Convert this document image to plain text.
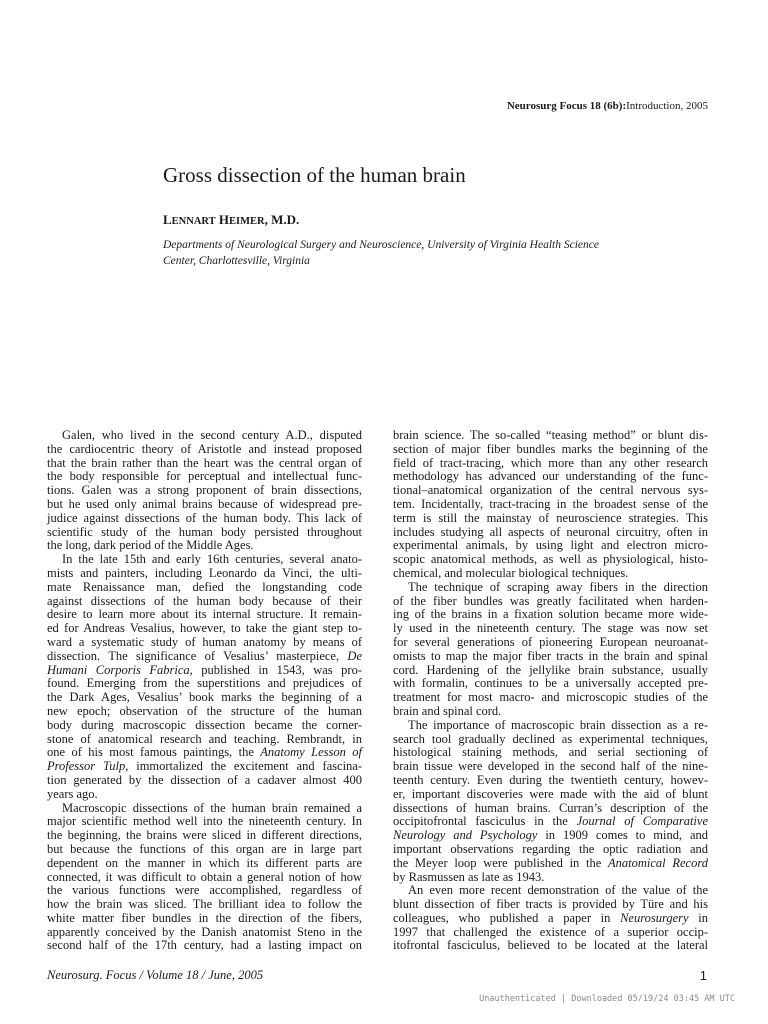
Neurosurg Focus 18 (6b):Introduction, 2005
Gross dissection of the human brain
LENNART HEIMER, M.D.
Departments of Neurological Surgery and Neuroscience, University of Virginia Health Science
Center, Charlottesville, Virginia
Galen, who lived in the second century A.D., disputed
the cardiocentric theory of Aristotle and instead proposed
that the brain rather than the heart was the central organ of
the body responsible for perceptual and intellectual func-
tions. Galen was a strong proponent of brain dissections,
but he used only animal brains because of widespread pre-
judice against dissections of the human body. This lack of
scientific study of the human body persisted throughout
the long, dark period of the Middle Ages.
In the late 15th and early 16th centuries, several anato-
mists and painters, including Leonardo da Vinci, the ulti-
mate Renaissance man, defied the longstanding code
against dissections of the human body because of their
desire to learn more about its internal structure. It remain-
ed for Andreas Vesalius, however, to take the giant step to-
ward a systematic study of human anatomy by means of
dissection. The significance of Vesalius’ masterpiece, De
Humani Corporis Fabrica, published in 1543, was pro-
found. Emerging from the superstitions and prejudices of
the Dark Ages, Vesalius’ book marks the beginning of a
new epoch; observation of the structure of the human
body during macroscopic dissection became the corner-
stone of anatomical research and teaching. Rembrandt, in
one of his most famous paintings, the Anatomy Lesson of
Professor Tulp, immortalized the excitement and fascina-
tion generated by the dissection of a cadaver almost 400
years ago.
Macroscopic dissections of the human brain remained a
major scientific method well into the nineteenth century. In
the beginning, the brains were sliced in different directions,
but because the functions of this organ are in large part
dependent on the manner in which its different parts are
connected, it was difficult to obtain a general notion of how
the various functions were accomplished, regardless of
how the brain was sliced. The brilliant idea to follow the
white matter fiber bundles in the direction of the fibers,
apparently conceived by the Danish anatomist Steno in the
second half of the 17th century, had a lasting impact on
brain science. The so-called “teasing method” or blunt dis-
section of major fiber bundles marks the beginning of the
field of tract-tracing, which more than any other research
methodology has advanced our understanding of the func-
tional–anatomical organization of the central nervous sys-
tem. Incidentally, tract-tracing in the broadest sense of the
term is still the mainstay of neuroscience strategies. This
includes studying all aspects of neuronal circuitry, often in
experimental animals, by using light and electron micro-
scopic anatomical methods, as well as physiological, histo-
chemical, and molecular biological techniques.
The technique of scraping away fibers in the direction
of the fiber bundles was greatly facilitated when harden-
ing of the brains in a fixation solution became more wide-
ly used in the nineteenth century. The stage was now set
for several generations of pioneering European neuroanat-
omists to map the major fiber tracts in the brain and spinal
cord. Hardening of the jellylike brain substance, usually
with formalin, continues to be a universally accepted pre-
treatment for most macro- and microscopic studies of the
brain and spinal cord.
The importance of macroscopic brain dissection as a re-
search tool gradually declined as experimental techniques,
histological staining methods, and serial sectioning of
brain tissue were developed in the second half of the nine-
teenth century. Even during the twentieth century, howev-
er, important discoveries were made with the aid of blunt
dissections of human brains. Curran’s description of the
occipitofrontal fasciculus in the Journal of Comparative
Neurology and Psychology in 1909 comes to mind, and
important observations regarding the optic radiation and
the Meyer loop were published in the Anatomical Record
by Rasmussen as late as 1943.
An even more recent demonstration of the value of the
blunt dissection of fiber tracts is provided by Türe and his
colleagues, who published a paper in Neurosurgery in
1997 that challenged the existence of a superior occip-
itofrontal fasciculus, believed to be located at the lateral
Neurosurg. Focus / Volume 18 / June, 2005	1
Unauthenticated | Downloaded 05/19/24 03:45 AM UTC
